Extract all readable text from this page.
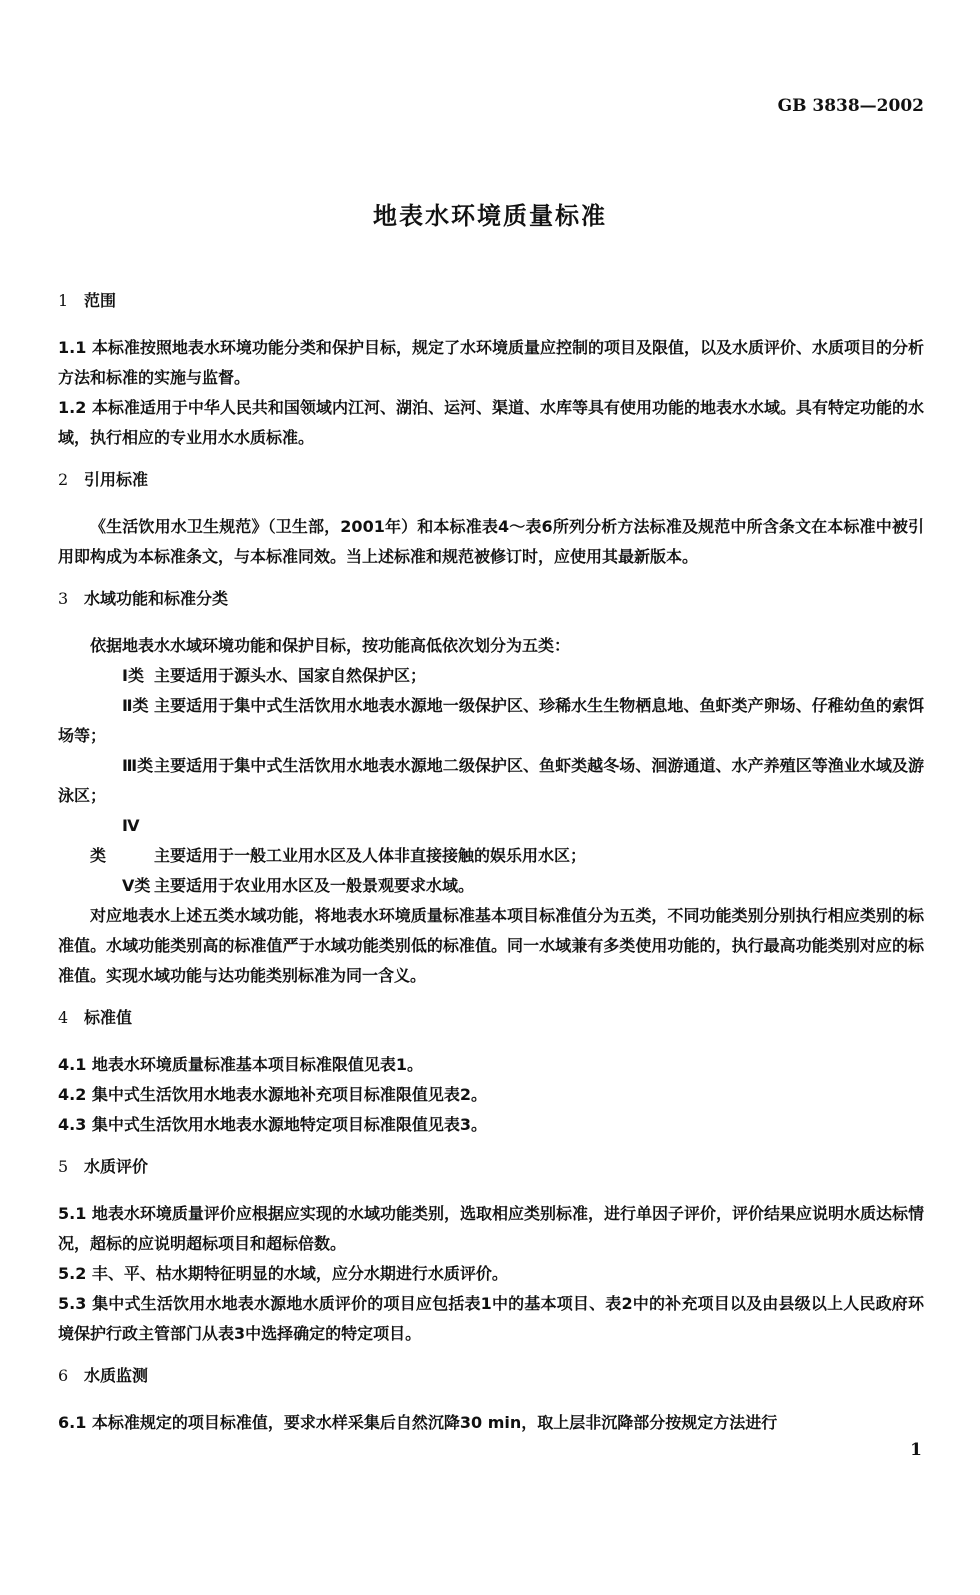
GB 3838—2002
地表水环境质量标准
1 范围

1.1 本标准按照地表水环境功能分类和保护目标，规定了水环境质量应控制的项目及限值，以及水质评价、水质项目的分析方法和标准的实施与监督。

1.2 本标准适用于中华人民共和国领域内江河、湖泊、运河、渠道、水库等具有使用功能的地表水水域。具有特定功能的水域，执行相应的专业用水水质标准。

2 引用标准

《生活饮用水卫生规范》（卫生部，2001年）和本标准表4～表6所列分析方法标准及规范中所含条文在本标准中被引用即构成为本标准条文，与本标准同效。当上述标准和规范被修订时，应使用其最新版本。

3 水域功能和标准分类

依据地表水水域环境功能和保护目标，按功能高低依次划分为五类：

Ⅰ类 主要适用于源头水、国家自然保护区；

Ⅱ类 主要适用于集中式生活饮用水地表水源地一级保护区、珍稀水生生物栖息地、鱼虾类产卵场、仔稚幼鱼的索饵场等；

Ⅲ类主要适用于集中式生活饮用水地表水源地二级保护区、鱼虾类越冬场、洄游通道、水产养殖区等渔业水域及游泳区；

Ⅳ类	主要适用于一般工业用水区及人体非直接接触的娱乐用水区；

Ⅴ类 主要适用于农业用水区及一般景观要求水域。

对应地表水上述五类水域功能，将地表水环境质量标准基本项目标准值分为五类，不同功能类别分别执行相应类别的标准值。水域功能类别高的标准值严于水域功能类别低的标准值。同一水域兼有多类使用功能的，执行最高功能类别对应的标准值。实现水域功能与达功能类别标准为同一含义。

4 标准值

4.1 地表水环境质量标准基本项目标准限值见表1。

4.2 集中式生活饮用水地表水源地补充项目标准限值见表2。

4.3 集中式生活饮用水地表水源地特定项目标准限值见表3。

5 水质评价

5.1 地表水环境质量评价应根据应实现的水域功能类别，选取相应类别标准，进行单因子评价，评价结果应说明水质达标情况，超标的应说明超标项目和超标倍数。

5.2 丰、平、枯水期特征明显的水域，应分水期进行水质评价。

5.3 集中式生活饮用水地表水源地水质评价的项目应包括表1中的基本项目、表2中的补充项目以及由县级以上人民政府环境保护行政主管部门从表3中选择确定的特定项目。

6 水质监测

6.1 本标准规定的项目标准值，要求水样采集后自然沉降30 min，取上层非沉降部分按规定方法进行

1
